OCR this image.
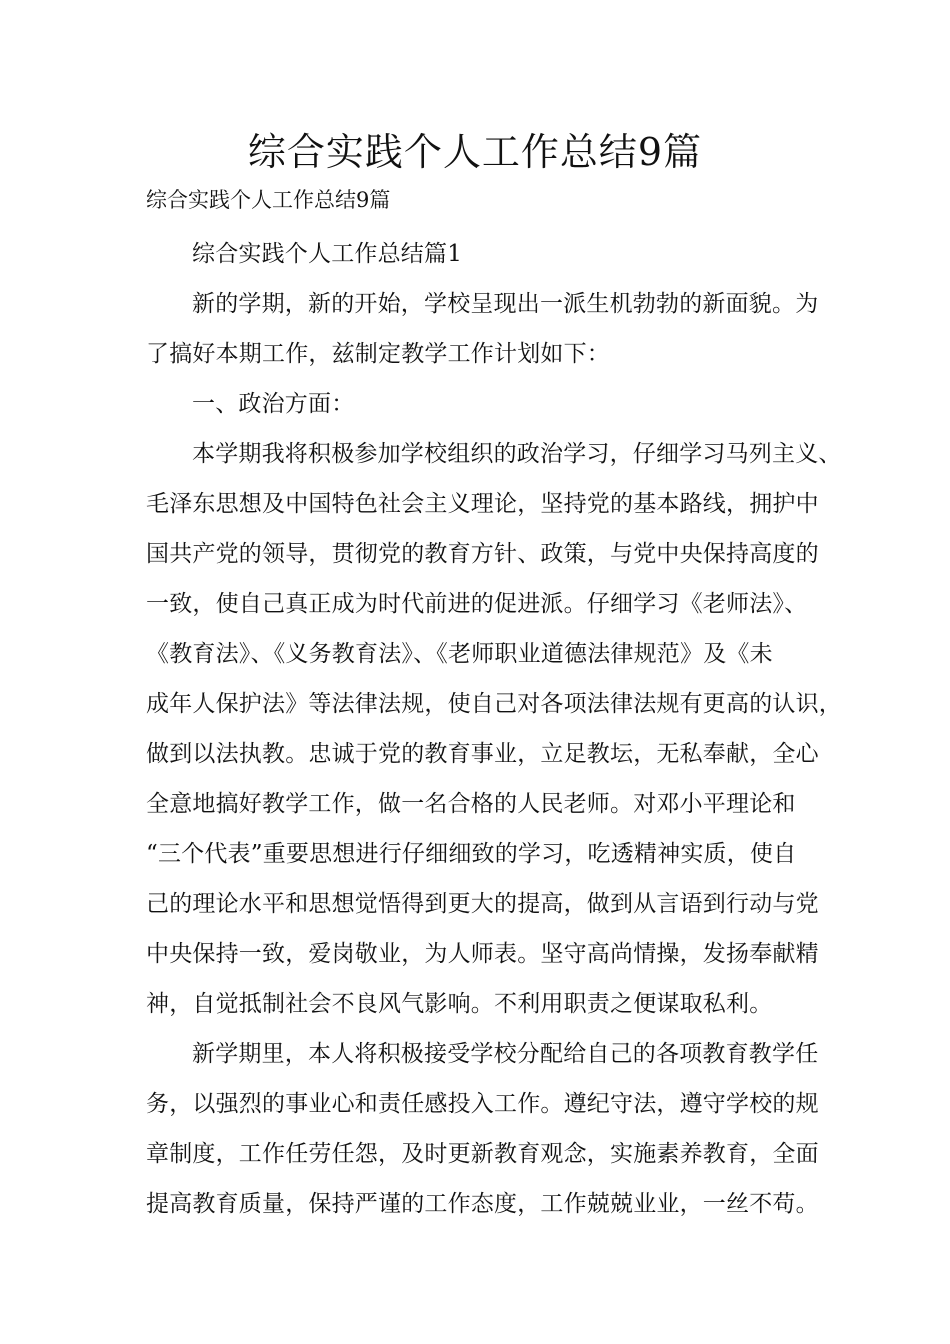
综合实践个人工作总结9篇
综合实践个人工作总结9篇
综合实践个人工作总结篇1
新的学期，新的开始，学校呈现出一派生机勃勃的新面貌。为
了搞好本期工作，兹制定教学工作计划如下：
一、政治方面：
本学期我将积极参加学校组织的政治学习，仔细学习马列主义、
毛泽东思想及中国特色社会主义理论，坚持党的基本路线，拥护中
国共产党的领导，贯彻党的教育方针、政策，与党中央保持高度的
一致，使自己真正成为时代前进的促进派。仔细学习《老师法》、
《教育法》、《义务教育法》、《老师职业道德法律规范》及《未
成年人保护法》等法律法规，使自己对各项法律法规有更高的认识，
做到以法执教。忠诚于党的教育事业，立足教坛，无私奉献，全心
全意地搞好教学工作，做一名合格的人民老师。对邓小平理论和
“三个代表”重要思想进行仔细细致的学习，吃透精神实质，使自
己的理论水平和思想觉悟得到更大的提高，做到从言语到行动与党
中央保持一致，爱岗敬业，为人师表。坚守高尚情操，发扬奉献精
神，自觉抵制社会不良风气影响。不利用职责之便谋取私利。
新学期里，本人将积极接受学校分配给自己的各项教育教学任
务，以强烈的事业心和责任感投入工作。遵纪守法，遵守学校的规
章制度，工作任劳任怨，及时更新教育观念，实施素养教育，全面
提高教育质量，保持严谨的工作态度，工作兢兢业业，一丝不苟。
